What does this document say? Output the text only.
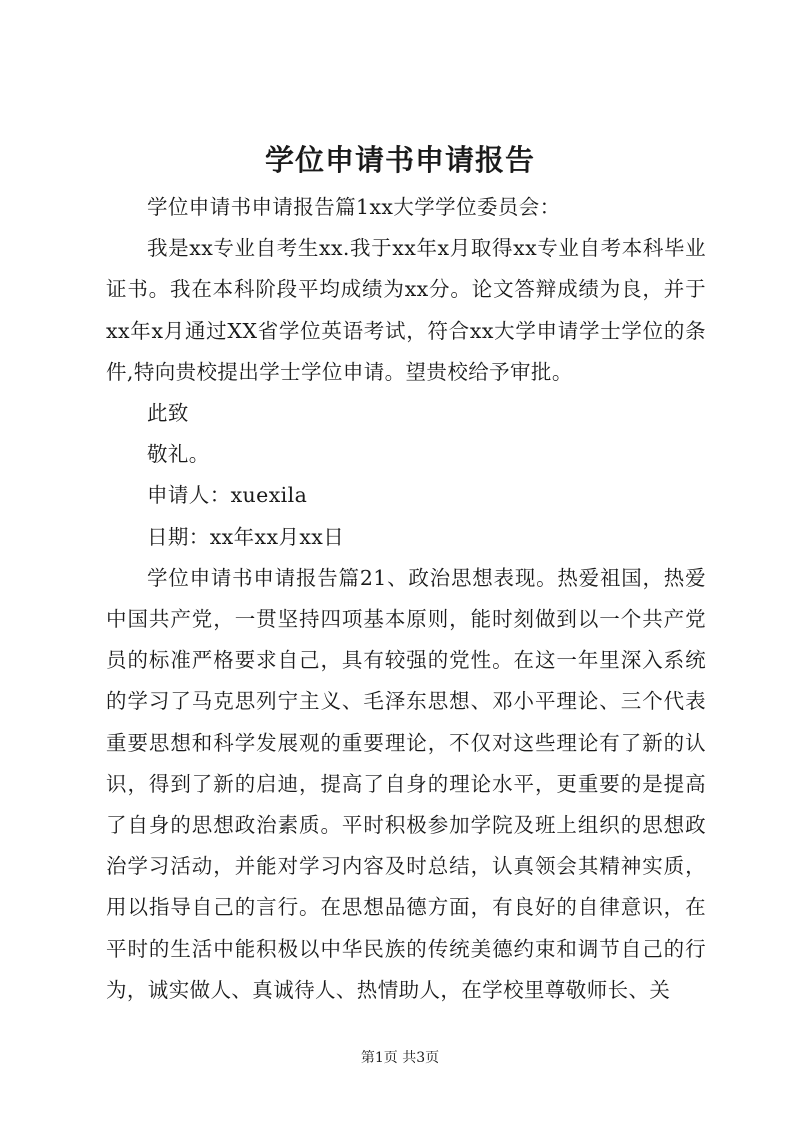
学位申请书申请报告

学位申请书申请报告篇1xx大学学位委员会：

我是xx专业自考生xx.我于xx年x月取得xx专业自考本科毕业证书。我在本科阶段平均成绩为xx分。论文答辩成绩为良，并于xx年x月通过XX省学位英语考试，符合xx大学申请学士学位的条件,特向贵校提出学士学位申请。望贵校给予审批。

此致

敬礼。

申请人：xuexila

日期：xx年xx月xx日

学位申请书申请报告篇21、政治思想表现。热爱祖国，热爱中国共产党，一贯坚持四项基本原则，能时刻做到以一个共产党员的标准严格要求自己，具有较强的党性。在这一年里深入系统的学习了马克思列宁主义、毛泽东思想、邓小平理论、三个代表重要思想和科学发展观的重要理论，不仅对这些理论有了新的认识，得到了新的启迪，提高了自身的理论水平，更重要的是提高了自身的思想政治素质。平时积极参加学院及班上组织的思想政治学习活动，并能对学习内容及时总结，认真领会其精神实质，用以指导自己的言行。在思想品德方面，有良好的自律意识，在平时的生活中能积极以中华民族的传统美德约束和调节自己的行为，诚实做人、真诚待人、热情助人，在学校里尊敬师长、关

第1页 共3页
